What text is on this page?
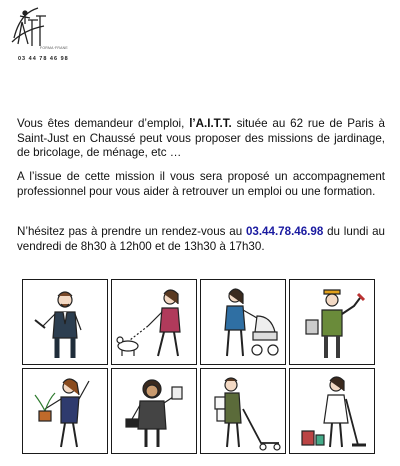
FORMA·FRANE
03 44 78 46 98
Vous êtes demandeur d’emploi, l’A.I.T.T. située au 62 rue de Paris à Saint-Just en Chaussé peut vous proposer des missions de jardinage, de bricolage, de ménage, etc …
A l’issue de cette mission il vous sera proposé un accompagnement professionnel pour vous aider à retrouver un emploi ou une formation.
N’hésitez pas à prendre un rendez-vous au 03.44.78.46.98 du lundi au vendredi de 8h30 à 12h00 et de 13h30 à 17h30.
